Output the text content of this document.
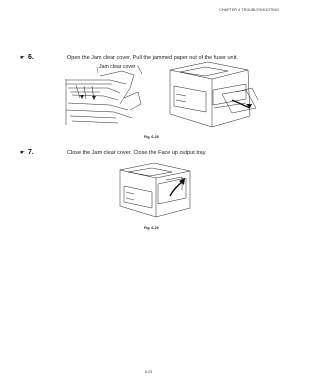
CHAPTER 6 TROUBLESHOOTING
☛ 6.	Open the Jam clear cover. Pull the jammed paper out of the fuser unit.
Jam clear cover
Fig. 6-28
☛ 7.	Close the Jam clear cover. Close the Face up output tray.
Fig. 6-29
6-23
